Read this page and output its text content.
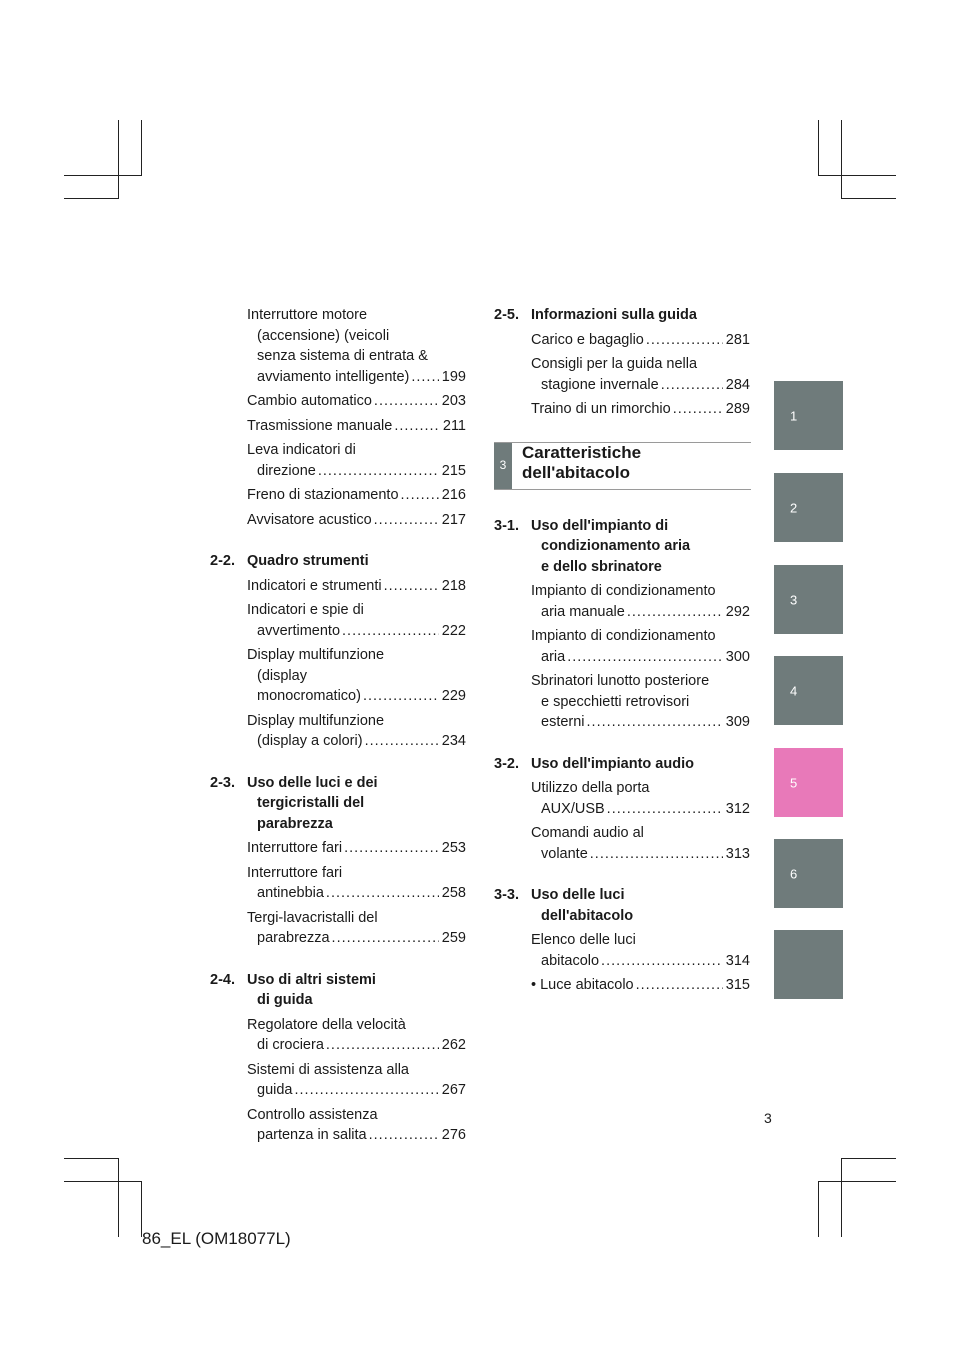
1
2
3
4
5
6
Interruttore motore
(accensione) (veicoli
senza sistema di entrata &
avviamento intelligente) ..... 199
Cambio automatico .....	203
Trasmissione manuale .....	211
Leva indicatori di
direzione .....	215
Freno di stazionamento .....	216
Avvisatore acustico .....	217
2-2. Quadro strumenti
Indicatori e strumenti .....	218
Indicatori e spie di
avvertimento .....	222
Display multifunzione
(display
monocromatico) .....	229
Display multifunzione
(display a colori) .....	234
2-3. Uso delle luci e dei
tergicristalli del
parabrezza
Interruttore fari .....	253
Interruttore fari
antinebbia .....	258
Tergi-lavacristalli del
parabrezza .....	259
2-4. Uso di altri sistemi
di guida
Regolatore della velocità
di crociera .....	262
Sistemi di assistenza alla
guida .....	267
Controllo assistenza
partenza in salita .....	276
2-5. Informazioni sulla guida
Carico e bagaglio .....	281
Consigli per la guida nella
stagione invernale .....	284
Traino di un rimorchio .....	289
3
Caratteristiche
dell'abitacolo
3-1. Uso dell'impianto di
condizionamento aria
e dello sbrinatore
Impianto di condizionamento
aria manuale .....	292
Impianto di condizionamento
aria .....	300
Sbrinatori lunotto posteriore
e specchietti retrovisori
esterni .....	309
3-2. Uso dell'impianto audio
Utilizzo della porta
AUX/USB .....	312
Comandi audio al
volante .....	313
3-3. Uso delle luci
dell'abitacolo
Elenco delle luci
abitacolo .....	314
• Luce abitacolo .....	315
3
86_EL (OM18077L)
